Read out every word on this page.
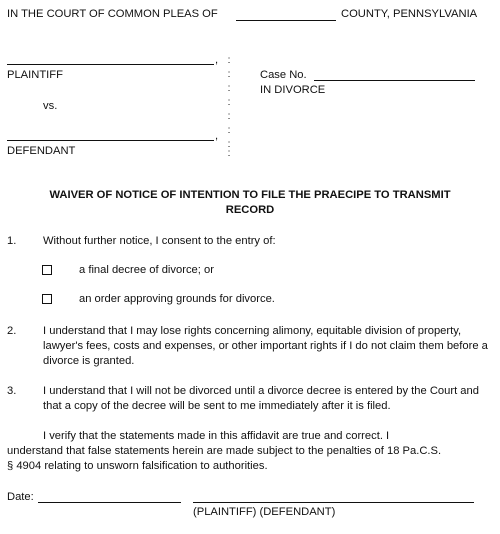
IN THE COURT OF COMMON PLEAS OF	COUNTY, PENNSYLVANIA
,
PLAINTIFF
vs.
,
DEFENDANT
:
:
:
:
:
:
:
:
Case No.
IN DIVORCE
WAIVER OF NOTICE OF INTENTION TO FILE THE PRAECIPE TO TRANSMIT
RECORD
1. Without further notice, I consent to the entry of:
a final decree of divorce; or
an order approving grounds for divorce.
2. I understand that I may lose rights concerning alimony, equitable division of property, lawyer's fees, costs and expenses, or other important rights if I do not claim them before a divorce is granted.
3. I understand that I will not be divorced until a divorce decree is entered by the Court and that a copy of the decree will be sent to me immediately after it is filed.
I verify that the statements made in this affidavit are true and correct. I
understand that false statements herein are made subject to the penalties of 18 Pa.C.S.
§ 4904 relating to unsworn falsification to authorities.
Date:
(PLAINTIFF) (DEFENDANT)
